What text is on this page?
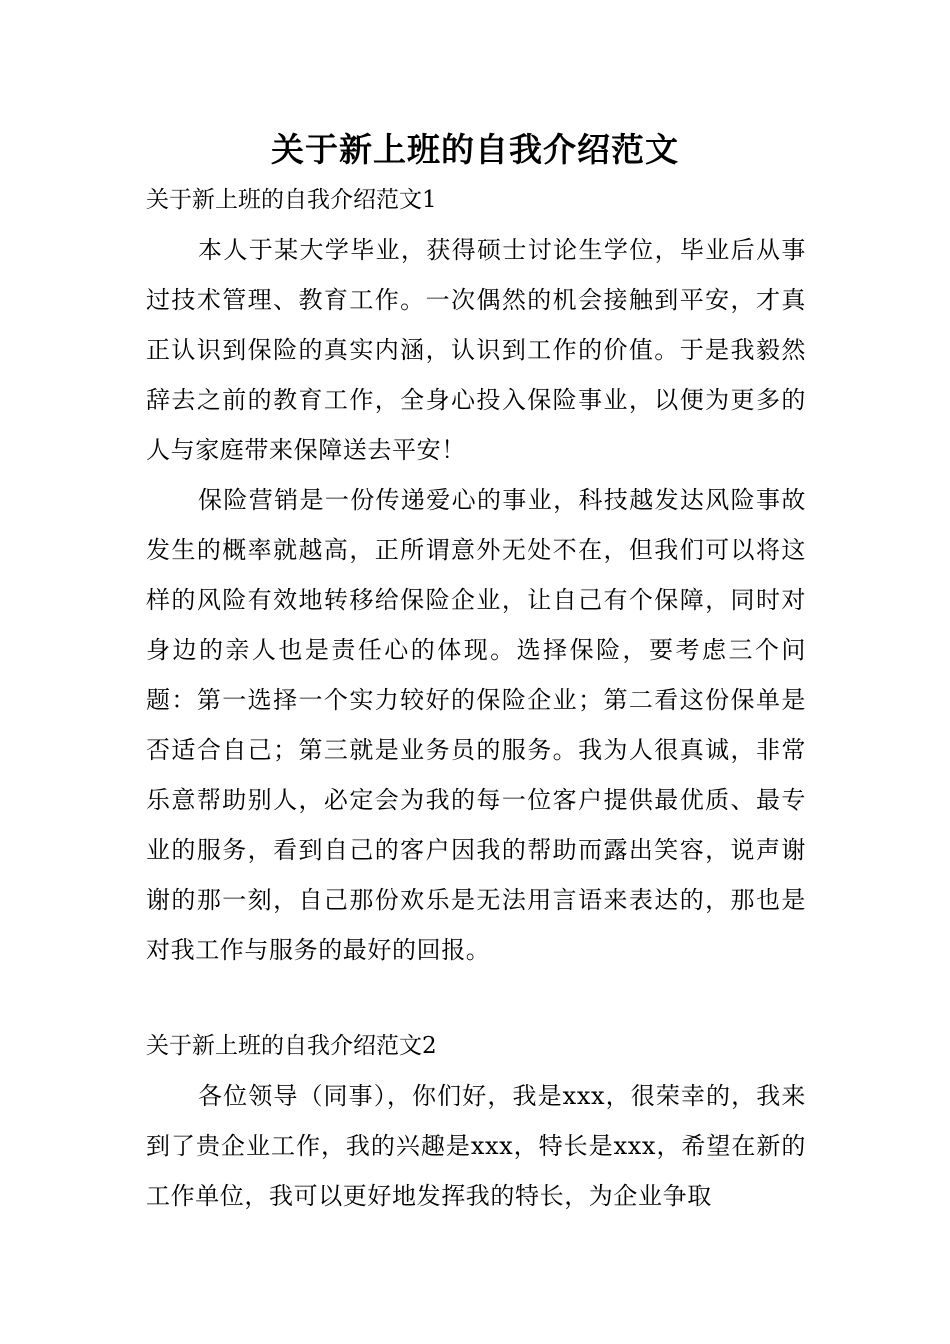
关于新上班的自我介绍范文
关于新上班的自我介绍范文1

本人于某大学毕业，获得硕士讨论生学位，毕业后从事过技术管理、教育工作。一次偶然的机会接触到平安，才真正认识到保险的真实内涵，认识到工作的价值。于是我毅然辞去之前的教育工作，全身心投入保险事业，以便为更多的人与家庭带来保障送去平安！

保险营销是一份传递爱心的事业，科技越发达风险事故发生的概率就越高，正所谓意外无处不在，但我们可以将这样的风险有效地转移给保险企业，让自己有个保障，同时对身边的亲人也是责任心的体现。选择保险，要考虑三个问题：第一选择一个实力较好的保险企业；第二看这份保单是否适合自己；第三就是业务员的服务。我为人很真诚，非常乐意帮助别人，必定会为我的每一位客户提供最优质、最专业的服务，看到自己的客户因我的帮助而露出笑容，说声谢谢的那一刻，自己那份欢乐是无法用言语来表达的，那也是对我工作与服务的最好的回报。

关于新上班的自我介绍范文2

各位领导（同事），你们好，我是xxx，很荣幸的，我来到了贵企业工作，我的兴趣是xxx，特长是xxx，希望在新的工作单位，我可以更好地发挥我的特长，为企业争取
